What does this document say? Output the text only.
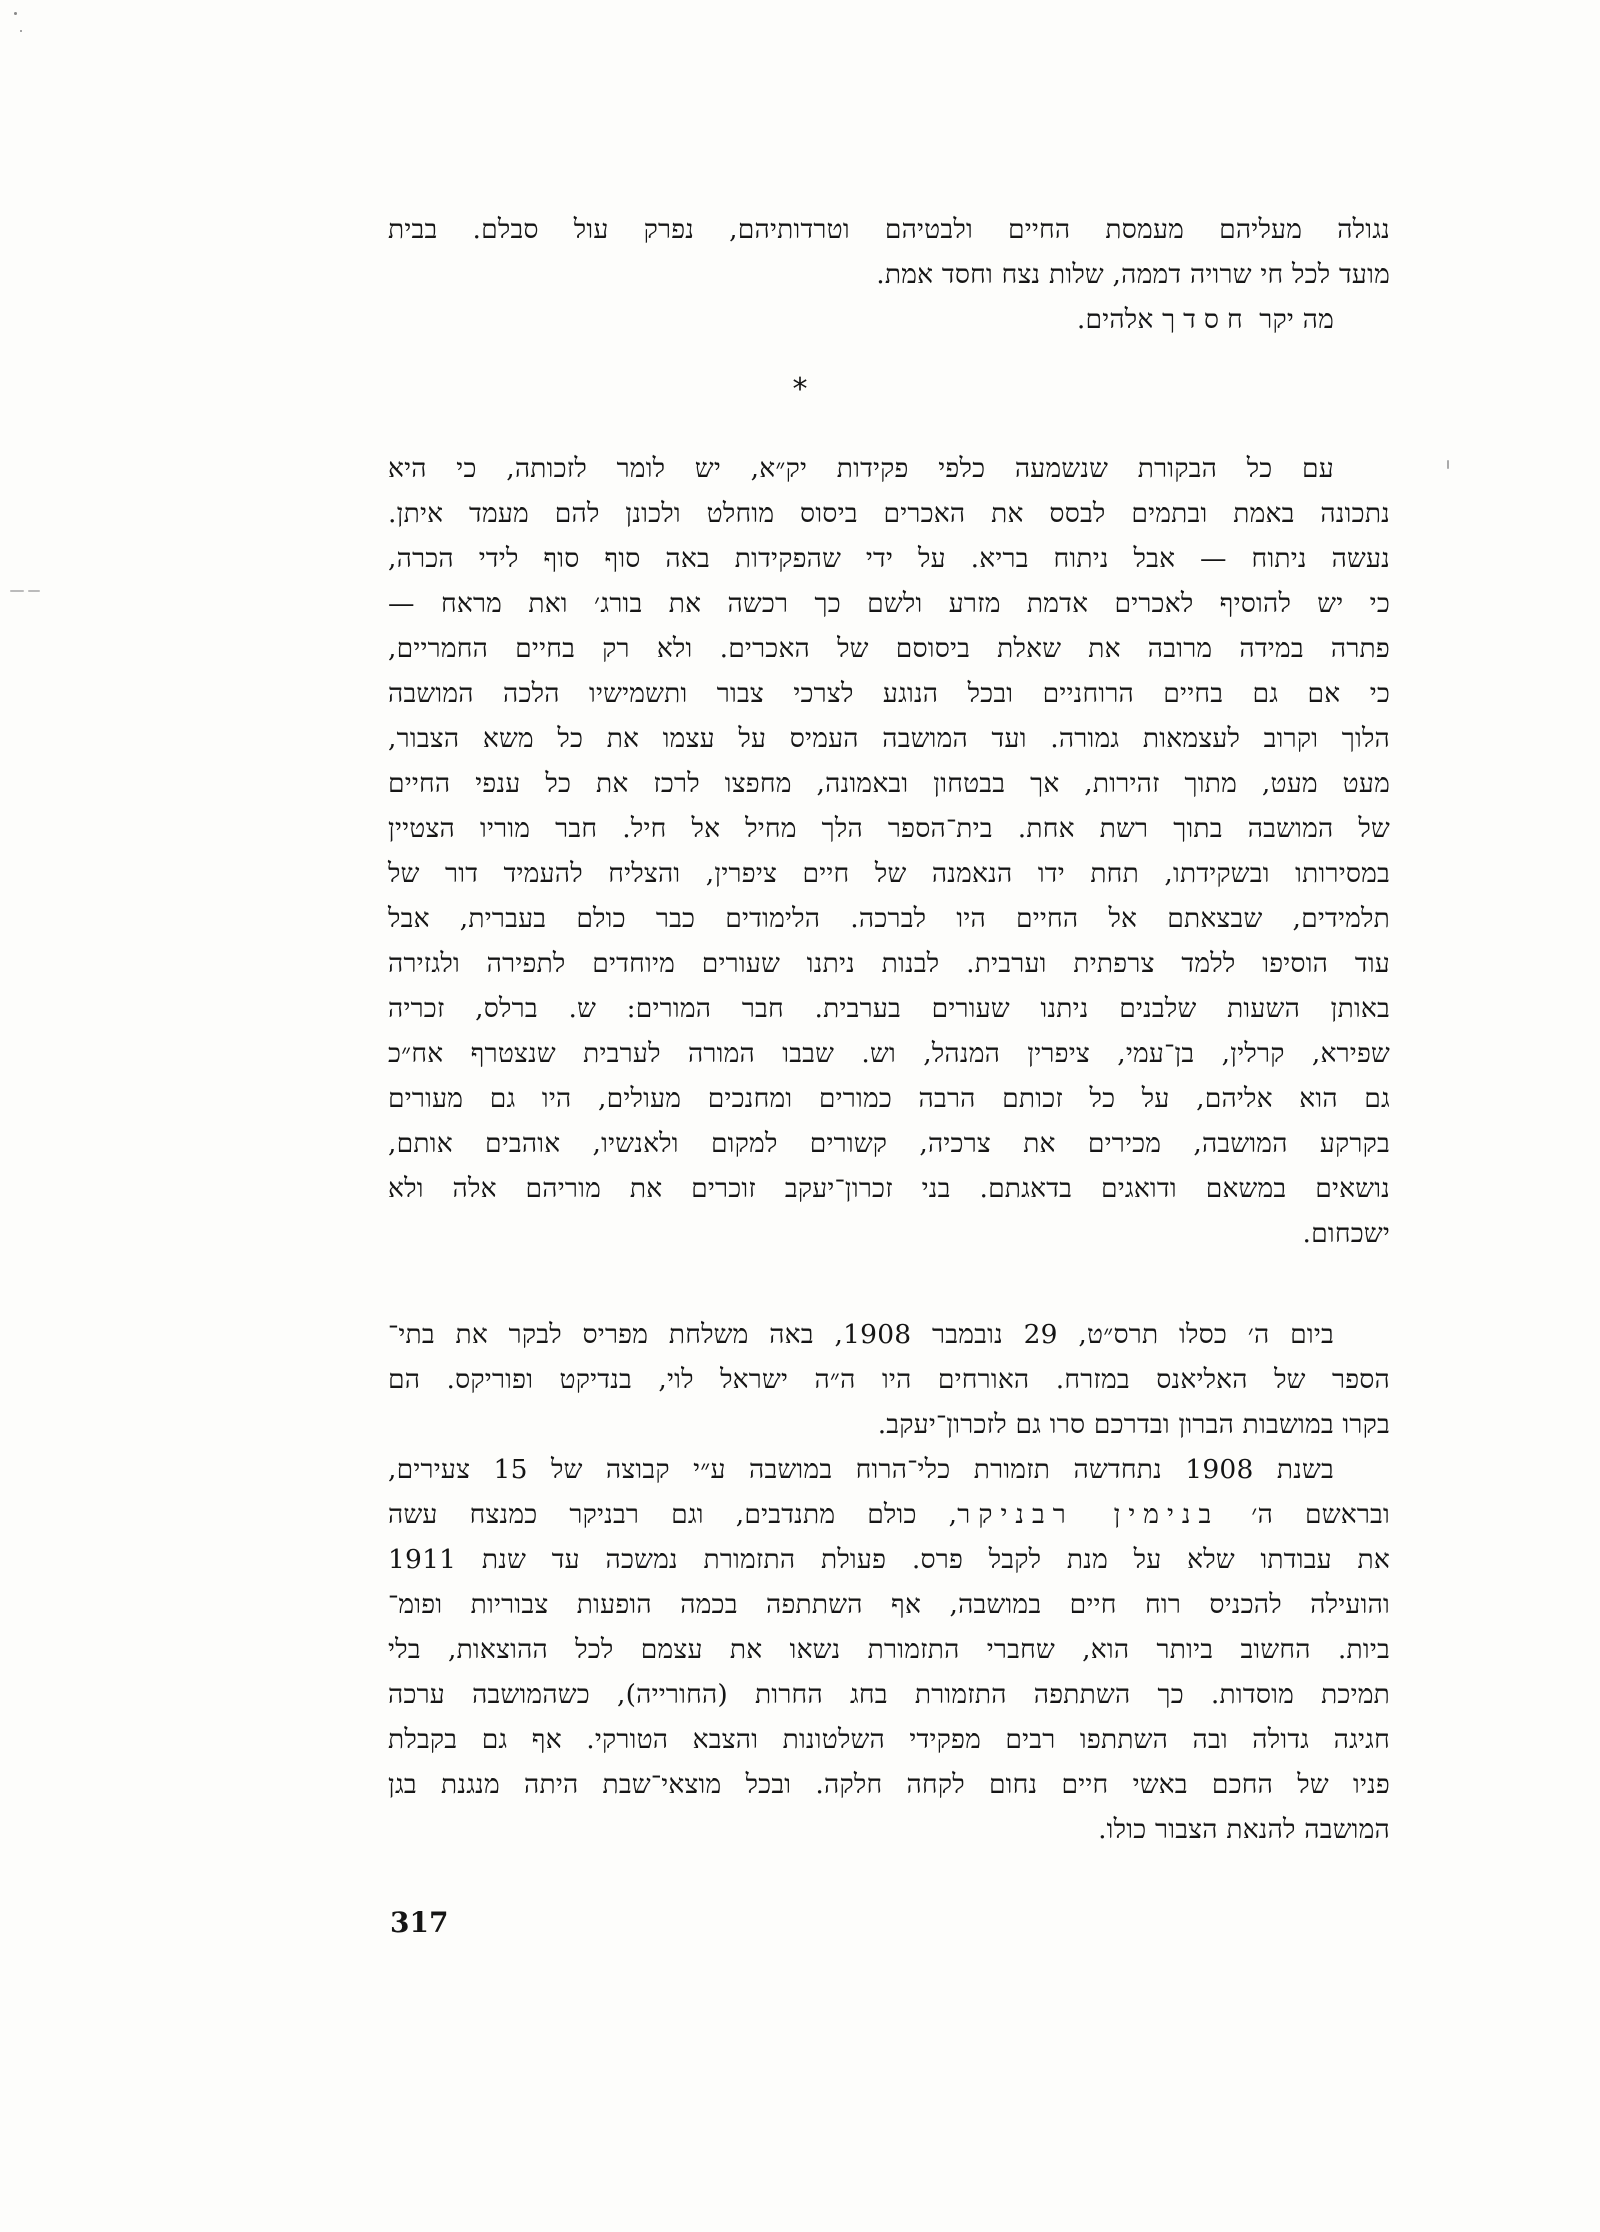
נגולה מעליהם מעמסת החיים ולבטיהם וטרדותיהם, נפרק עול סבלם. בבית
מועד לכל חי שרויה דממה, שלות נצח וחסד אמת.
מה יקר חסדך אלהים.
*
עם כל הבקורת שנשמעה כלפי פקידות יק״א, יש לומר לזכותה, כי היא
נתכונה באמת ובתמים לבסס את האכרים ביסוס מוחלט ולכונן להם מעמד איתן.
נעשה ניתוח — אבל ניתוח בריא. על ידי שהפקידות באה סוף סוף לידי הכרה,
כי יש להוסיף לאכרים אדמת מזרע ולשם כך רכשה את בורג׳ ואת מראח —
פתרה במידה מרובה את שאלת ביסוסם של האכרים. ולא רק בחיים החמריים,
כי אם גם בחיים הרוחניים ובכל הנוגע לצרכי צבור ותשמישיו הלכה המושבה
הלוך וקרוב לעצמאות גמורה. ועד המושבה העמיס על עצמו את כל משא הצבור,
מעט מעט, מתוך זהירות, אך בבטחון ובאמונה, מחפצו לרכז את כל ענפי החיים
של המושבה בתוך רשת אחת. בית־הספר הלך מחיל אל חיל. חבר מוריו הצטיין
במסירותו ובשקידתו, תחת ידו הנאמנה של חיים ציפרין, והצליח להעמיד דור של
תלמידים, שבצאתם אל החיים היו לברכה. הלימודים כבר כולם בעברית, אבל
עוד הוסיפו ללמד צרפתית וערבית. לבנות ניתנו שעורים מיוחדים לתפירה ולגזירה
באותן השעות שלבנים ניתנו שעורים בערבית. חבר המורים: ש. ברלס, זכריה
שפירא, קרלין, בן־עמי, ציפרין המנהל, וש. שבבו המורה לערבית שנצטרף אח״כ
גם הוא אליהם, על כל זכותם הרבה כמורים ומחנכים מעולים, היו גם מעורים
בקרקע המושבה, מכירים את צרכיה, קשורים למקום ולאנשיו, אוהבים אותם,
נושאים במשאם ודואגים בדאגתם. בני זכרון־יעקב זוכרים את מוריהם אלה ולא
ישכחום.
ביום ה׳ כסלו תרס״ט, 29 נובמבר 1908, באה משלחת מפריס לבקר את בתי־
הספר של האליאנס במזרח. האורחים היו ה״ה ישראל לוי, בנדיקט ופוריקס. הם
בקרו במושבות הברון ובדרכם סרו גם לזכרון־יעקב.
בשנת 1908 נתחדשה תזמורת כלי־הרוח במושבה ע״י קבוצה של 15 צעירים,
ובראשם ה׳ בנימין רבניקר, כולם מתנדבים, וגם רבניקר כמנצח עשה
את עבודתו שלא על מנת לקבל פרס. פעולת התזמורת נמשכה עד שנת 1911
והועילה להכניס רוח חיים במושבה, אף השתתפה בכמה הופעות צבוריות ופומ־
ביות. החשוב ביותר הוא, שחברי התזמורת נשאו את עצמם לכל ההוצאות, בלי
תמיכת מוסדות. כך השתתפה התזמורת בחג החרות (החורייה), כשהמושבה ערכה
חגיגה גדולה ובה השתתפו רבים מפקידי השלטונות והצבא הטורקי. אף גם בקבלת
פניו של החכם באשי חיים נחום לקחה חלקה. ובכל מוצאי־שבת היתה מנגנת בגן
המושבה להנאת הצבור כולו.
317
